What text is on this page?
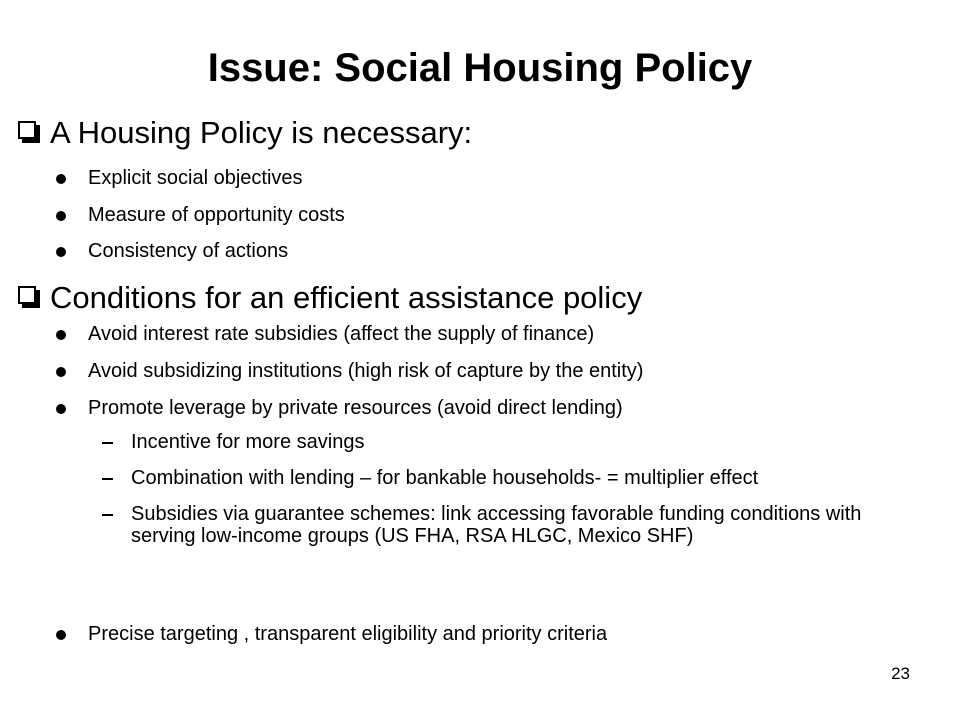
Issue: Social Housing Policy
A Housing Policy is necessary:
Explicit social objectives
Measure of opportunity costs
Consistency of actions
Conditions for an efficient assistance policy
Avoid interest rate subsidies (affect the supply of finance)
Avoid subsidizing institutions (high risk of capture by the entity)
Promote leverage by private resources (avoid direct lending)
Incentive for more savings
Combination with lending – for bankable households- = multiplier effect
Subsidies via guarantee schemes: link accessing favorable funding conditions with serving low-income groups (US FHA, RSA HLGC, Mexico SHF)
Precise targeting , transparent eligibility and priority criteria
23
